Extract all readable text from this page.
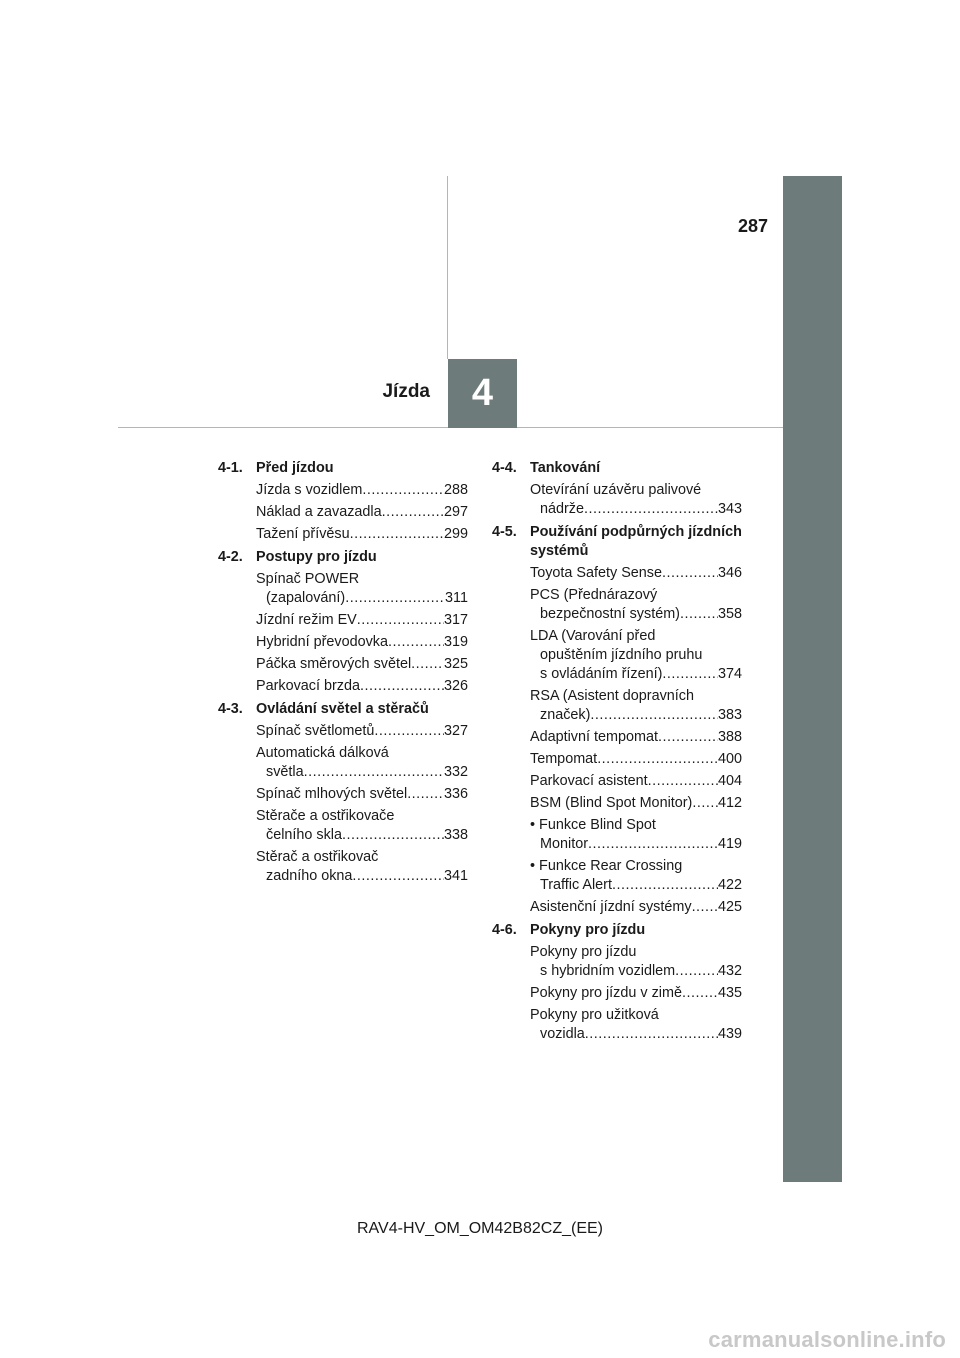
287
Jízda 4
4-1. Před jízdou
Jízda s vozidlem .....	288
Náklad a zavazadla .....	297
Tažení přívěsu .....	299
4-2. Postupy pro jízdu
Spínač POWER
(zapalování) .....	311
Jízdní režim EV .....	317
Hybridní převodovka .....	319
Páčka směrových světel ..... 325
Parkovací brzda .....	326
4-3. Ovládání světel a stěračů
Spínač světlometů .....	327
Automatická dálková
světla .....	332
Spínač mlhových světel .....	336
Stěrače a ostřikovače
čelního skla .....	338
Stěrač a ostřikovač
zadního okna .....	341
4-4. Tankování
Otevírání uzávěru palivové
nádrže .....	343
4-5. Používání podpůrných jízdních systémů
Toyota Safety Sense .....	346
PCS (Přednárazový
bezpečnostní systém) .....	358
LDA (Varování před
opuštěním jízdního pruhu
s ovládáním řízení) .....	374
RSA (Asistent dopravních
značek) .....	383
Adaptivní tempomat .....	388
Tempomat .....	400
Parkovací asistent .....	404
BSM (Blind Spot Monitor) ..... 412
• Funkce Blind Spot
Monitor .....	419
• Funkce Rear Crossing
Traffic Alert .....	422
Asistenční jízdní systémy ..... 425
4-6. Pokyny pro jízdu
Pokyny pro jízdu
s hybridním vozidlem .....	432
Pokyny pro jízdu v zimě .....	435
Pokyny pro užitková
vozidla .....	439
RAV4-HV_OM_OM42B82CZ_(EE)
carmanualsonline.info
